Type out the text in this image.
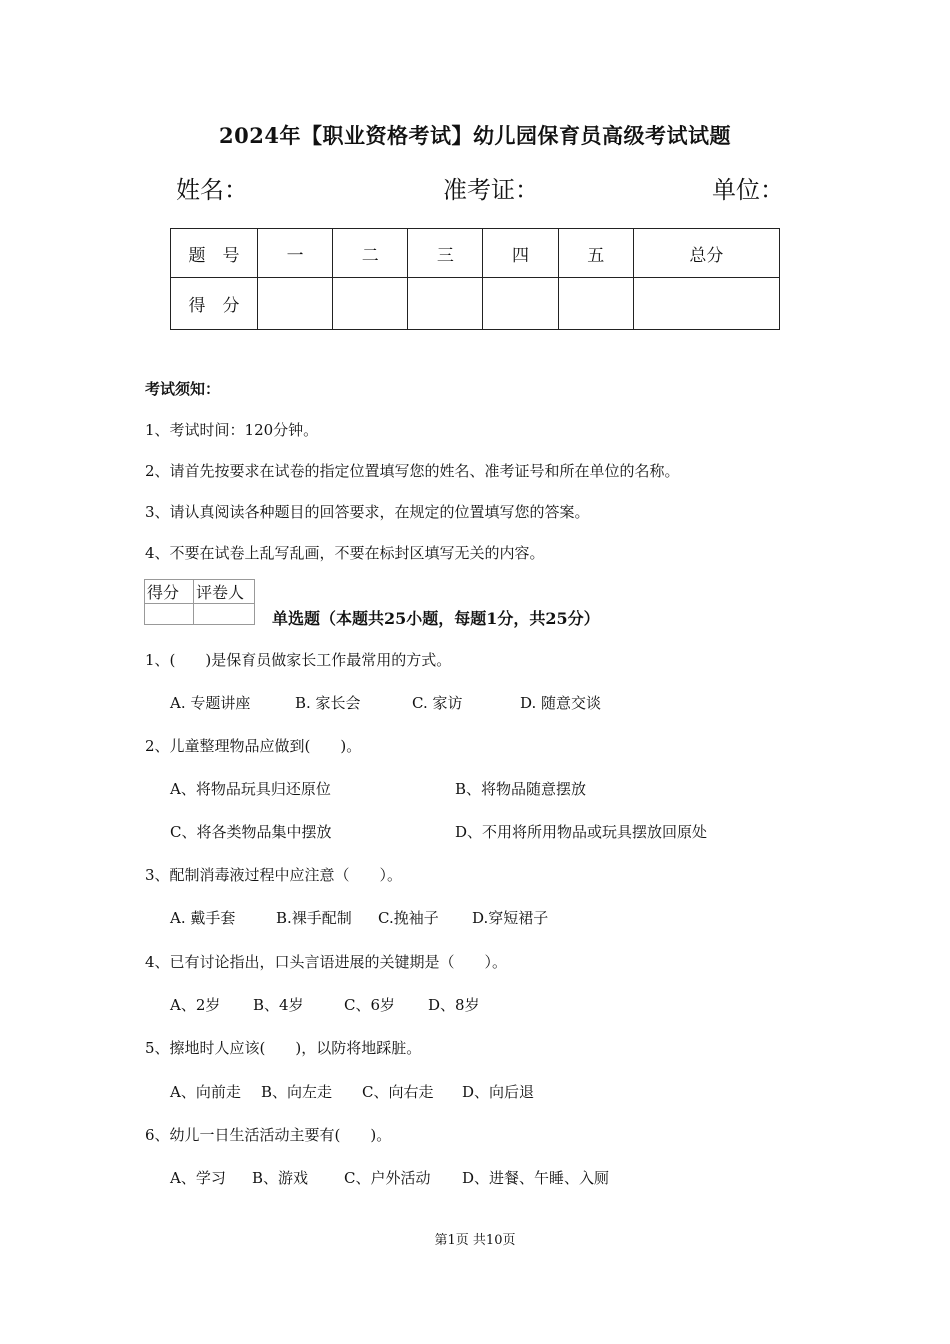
2024年【职业资格考试】幼儿园保育员高级考试试题
姓名：	准考证：	单位：
题　号	一	二	三	四	五	总分
得　分						
考试须知：
1、考试时间：120分钟。
2、请首先按要求在试卷的指定位置填写您的姓名、准考证号和所在单位的名称。
3、请认真阅读各种题目的回答要求，在规定的位置填写您的答案。
4、不要在试卷上乱写乱画，不要在标封区填写无关的内容。
得分	评卷人

单选题（本题共25小题，每题1分，共25分）
1、(　　)是保育员做家长工作最常用的方式。
A. 专题讲座	B. 家长会	C. 家访	D. 随意交谈
2、儿童整理物品应做到(　　)。
A、将物品玩具归还原位	B、将物品随意摆放
C、将各类物品集中摆放	D、不用将所用物品或玩具摆放回原处
3、配制消毒液过程中应注意（　　）。
A. 戴手套	B.裸手配制 C.挽袖子 D.穿短裙子
4、已有讨论指出，口头言语进展的关键期是（　　）。
A、2岁 B、4岁	C、6岁 D、8岁
5、擦地时人应该(　　)，以防将地踩脏。
A、向前走 B、向左走 C、向右走 D、向后退
6、幼儿一日生活活动主要有(　　)。
A、学习 B、游戏 C、户外活动 D、进餐、午睡、入厕
第1页 共10页
